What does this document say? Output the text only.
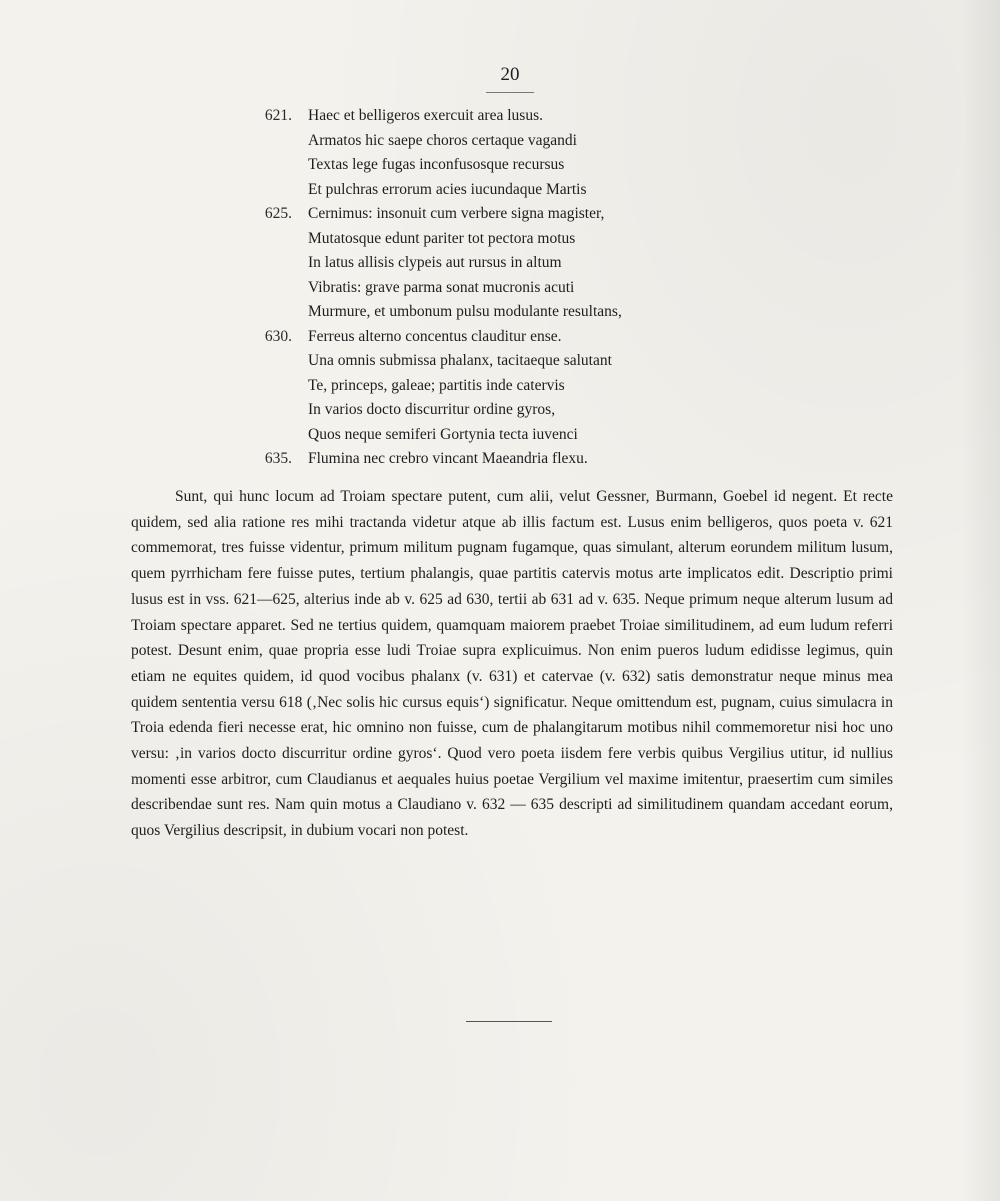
20
621. Haec et belligeros exercuit area lusus.
Armatos hic saepe choros certaque vagandi
Textas lege fugas inconfusosque recursus
Et pulchras errorum acies iucundaque Martis
625. Cernimus: insonuit cum verbere signa magister,
Mutatosque edunt pariter tot pectora motus
In latus allisis clypeis aut rursus in altum
Vibratis: grave parma sonat mucronis acuti
Murmure, et umbonum pulsu modulante resultans,
630. Ferreus alterno concentus clauditur ense.
Una omnis submissa phalanx, tacitaeque salutant
Te, princeps, galeae; partitis inde catervis
In varios docto discurritur ordine gyros,
Quos neque semiferi Gortynia tecta iuvenci
635. Flumina nec crebro vincant Maeandria flexu.
Sunt, qui hunc locum ad Troiam spectare putent, cum alii, velut Gessner, Burmann, Goebel id negent. Et recte quidem, sed alia ratione res mihi tractanda videtur atque ab illis factum est. Lusus enim belligeros, quos poeta v. 621 commemorat, tres fuisse videntur, primum militum pugnam fugamque, quas simulant, alterum eorundem militum lusum, quem pyrrhicham fere fuisse putes, tertium phalangis, quae partitis catervis motus arte implicatos edit. Descriptio primi lusus est in vss. 621—625, alterius inde ab v. 625 ad 630, tertii ab 631 ad v. 635. Neque primum neque alterum lusum ad Troiam spectare apparet. Sed ne tertius quidem, quamquam maiorem praebet Troiae similitudinem, ad eum ludum referri potest. Desunt enim, quae propria esse ludi Troiae supra explicuimus. Non enim pueros ludum edidisse legimus, quin etiam ne equites quidem, id quod vocibus phalanx (v. 631) et catervae (v. 632) satis demonstratur neque minus mea quidem sententia versu 618 (‚Nec solis hic cursus equis‘) significatur. Neque omittendum est, pugnam, cuius simulacra in Troia edenda fieri necesse erat, hic omnino non fuisse, cum de phalangitarum motibus nihil commemoretur nisi hoc uno versu: ‚in varios docto discurritur ordine gyros‘. Quod vero poeta iisdem fere verbis quibus Vergilius utitur, id nullius momenti esse arbitror, cum Claudianus et aequales huius poetae Vergilium vel maxime imitentur, praesertim cum similes describendae sunt res. Nam quin motus a Claudiano v. 632 — 635 descripti ad similitudinem quandam accedant eorum, quos Vergilius descripsit, in dubium vocari non potest.
